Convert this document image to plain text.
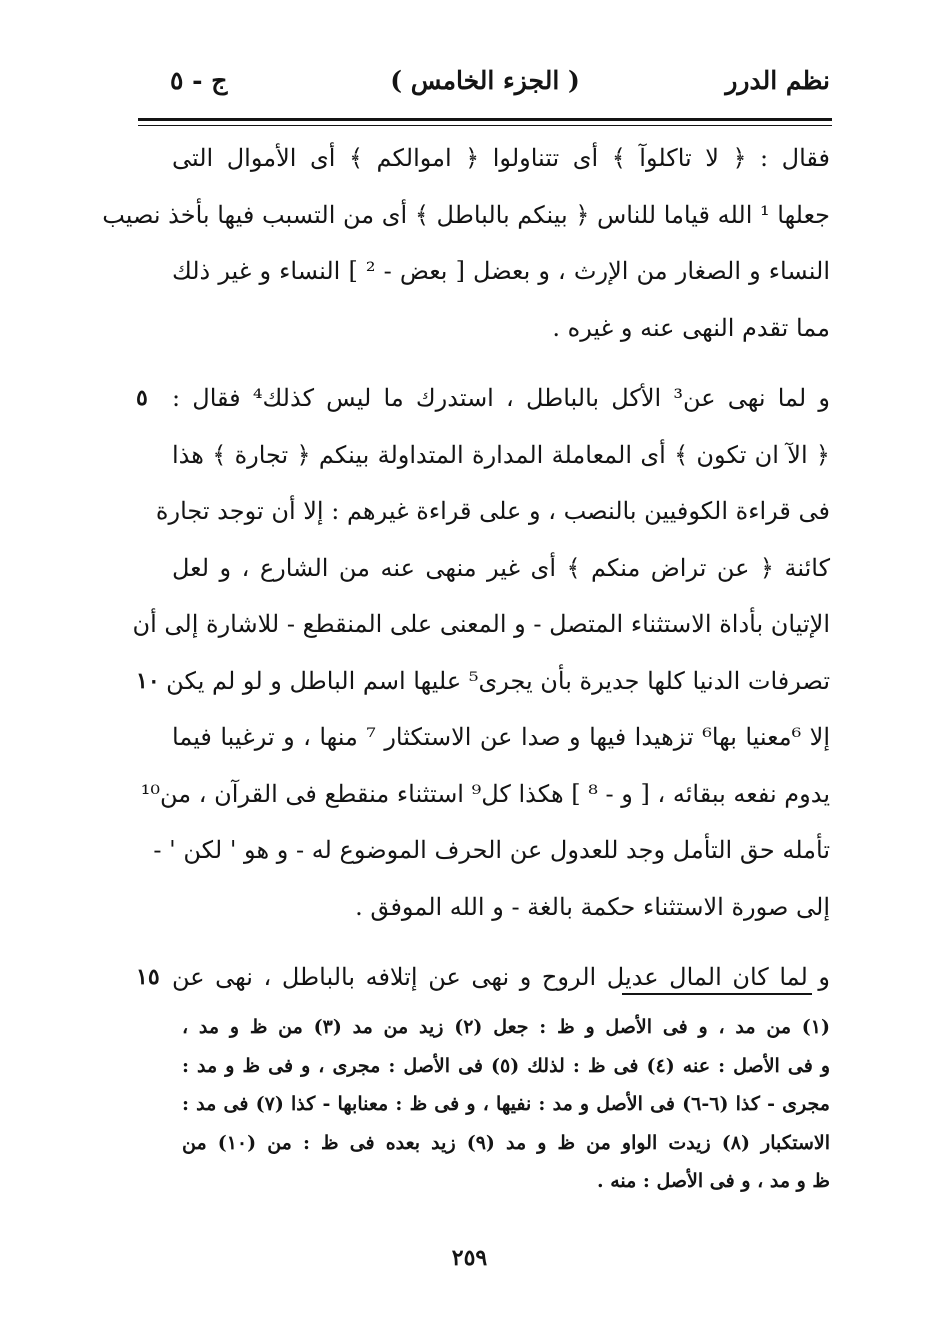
نظم الدرر
( الجزء الخامس )
ج - ٥
فقال : ﴿ لا تاكلوآ ﴾ أى تتناولوا ﴿ اموالكم ﴾ أى الأموال التى
جعلها ¹ الله قياما للناس ﴿ بينكم بالباطل ﴾ أى من التسبب فيها بأخذ نصيب
النساء و الصغار من الإرث ، و بعضل [ بعض - ² ] النساء و غير ذلك
مما تقدم النهى عنه و غيره .
و لما نهى عن³ الأكل بالباطل ، استدرك ما ليس كذلك⁴ فقال :
٥
﴿ الآ ان تكون ﴾ أى المعاملة المدارة المتداولة بينكم ﴿ تجارة ﴾ هذا
فى قراءة الكوفيين بالنصب ، و على قراءة غيرهم : إلا أن توجد تجارة
كائنة ﴿ عن تراض منكم ﴾ أى غير منهى عنه من الشارع ، و لعل
الإتيان بأداة الاستثناء المتصل - و المعنى على المنقطع - للاشارة إلى أن
تصرفات الدنيا كلها جديرة بأن يجرى⁵ عليها اسم الباطل و لو لم يكن
١٠
إلا ⁶معنيا بها⁶ تزهيدا فيها و صدا عن الاستكثار ⁷ منها ، و ترغيبا فيما
يدوم نفعه ببقائه ، [ و - ⁸ ] هكذا كل⁹ استثناء منقطع فى القرآن ، من¹⁰
تأمله حق التأمل وجد للعدول عن الحرف الموضوع له - و هو ' لكن ' -
إلى صورة الاستثناء حكمة بالغة - و الله الموفق .
و لما كان المال عديل الروح و نهى عن إتلافه بالباطل ، نهى عن
١٥
(١) من مد ، و فى الأصل و ظ : جعل (٢) زيد من مد (٣) من ظ و مد ،
و فى الأصل : عنه (٤) فى ظ : لذلك (٥) فى الأصل : مجرى ، و فى ظ و مد :
مجرى - كذا (٦-٦) فى الأصل و مد : نفيها ، و فى ظ : معنابها - كذا (٧) فى مد :
الاستكبار (٨) زيدت الواو من ظ و مد (٩) زيد بعده فى ظ : من (١٠) من
ظ و مد ، و فى الأصل : منه .
٢٥٩
